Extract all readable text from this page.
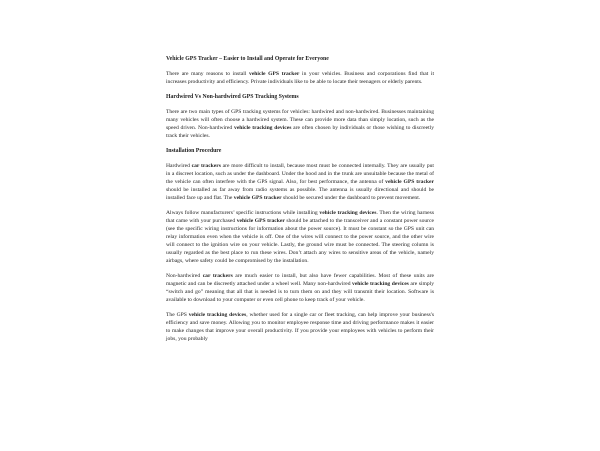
Vehicle GPS Tracker – Easier to Install and Operate for Everyone

There are many reasons to install vehicle GPS tracker in your vehicles. Business and corporations find that it increases productivity and efficiency. Private individuals like to be able to locate their teenagers or elderly parents.

Hardwired Vs Non-hardwired GPS Tracking Systems

There are two main types of GPS tracking systems for vehicles: hardwired and non-hardwired. Businesses maintaining many vehicles will often choose a hardwired system. These can provide more data than simply location, such as the speed driven. Non-hardwired vehicle tracking devices are often chosen by individuals or those wishing to discreetly track their vehicles.

Installation Procedure

Hardwired car trackers are more difficult to install, because most must be connected internally. They are usually put in a discreet location, such as under the dashboard. Under the hood and in the trunk are unsuitable because the metal of the vehicle can often interfere with the GPS signal. Also, for best performance, the antenna of vehicle GPS tracker should be installed as far away from radio systems as possible. The antenna is usually directional and should be installed face up and flat. The vehicle GPS tracker should be secured under the dashboard to prevent movement.

Always follow manufacturers’ specific instructions while installing vehicle tracking devices. Then the wiring harness that came with your purchased vehicle GPS tracker should be attached to the transceiver and a constant power source (see the specific wiring instructions for information about the power source). It must be constant so the GPS unit can relay information even when the vehicle is off. One of the wires will connect to the power source, and the other wire will connect to the ignition wire on your vehicle. Lastly, the ground wire must be connected. The steering column is usually regarded as the best place to run these wires. Don’t attach any wires to sensitive areas of the vehicle, namely airbags, where safety could be compromised by the installation.

Non-hardwired car trackers are much easier to install, but also have fewer capabilities. Most of these units are magnetic and can be discreetly attached under a wheel well. Many non-hardwired vehicle tracking devices are simply “switch and go” meaning that all that is needed is to turn them on and they will transmit their location. Software is available to download to your computer or even cell phone to keep track of your vehicle.

The GPS vehicle tracking devices, whether used for a single car or fleet tracking, can help improve your business's efficiency and save money. Allowing you to monitor employee response time and driving performance makes it easier to make changes that improve your overall productivity. If you provide your employees with vehicles to perform their jobs, you probably
